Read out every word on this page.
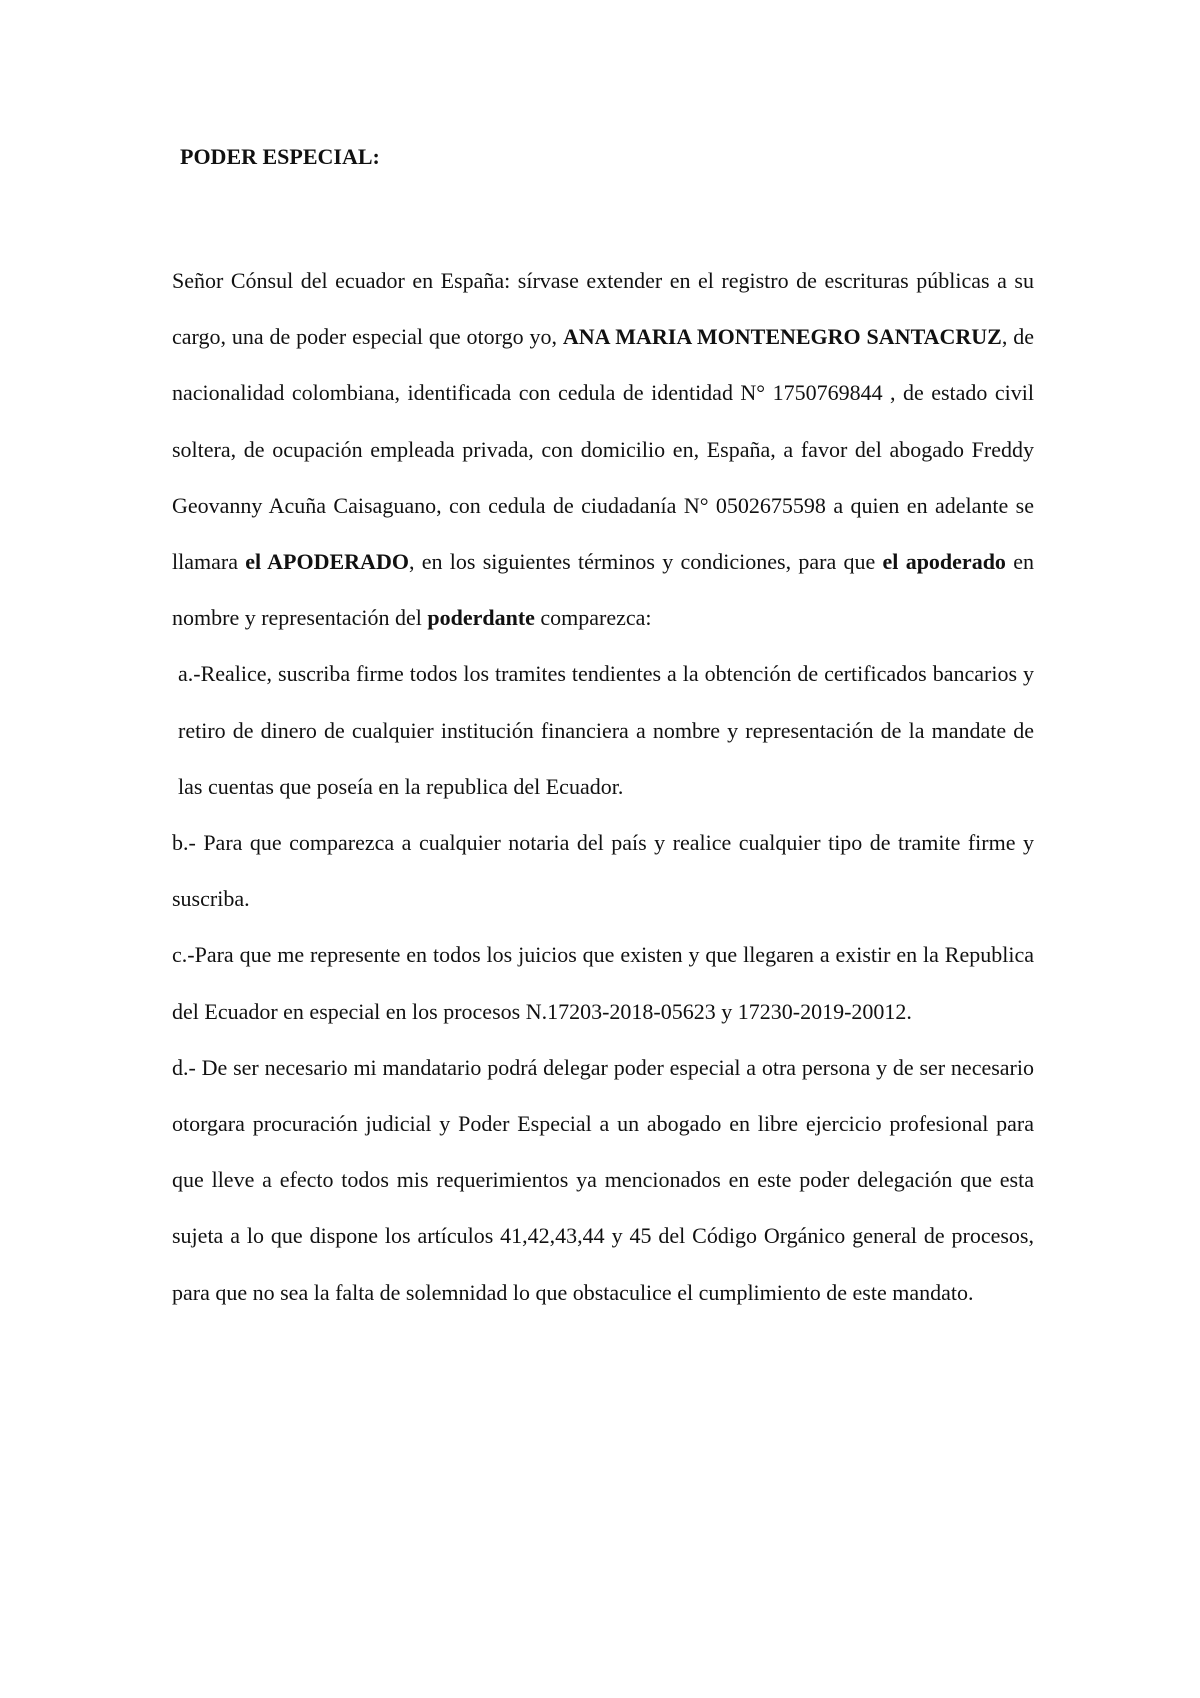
PODER ESPECIAL:

Señor Cónsul del ecuador en España: sírvase extender en el registro de escrituras públicas a su cargo, una de poder especial que otorgo yo, ANA MARIA MONTENEGRO SANTACRUZ, de nacionalidad colombiana, identificada con cedula de identidad N° 1750769844 , de estado civil soltera, de ocupación empleada privada, con domicilio en, España, a favor del abogado Freddy Geovanny Acuña Caisaguano, con cedula de ciudadanía N° 0502675598 a quien en adelante se llamara el APODERADO, en los siguientes términos y condiciones, para que el apoderado en nombre y representación del poderdante comparezca:

a.-Realice, suscriba firme todos los tramites tendientes a la obtención de certificados bancarios y retiro de dinero de cualquier institución financiera a nombre y representación de la mandate de las cuentas que poseía en la republica del Ecuador.

b.- Para que comparezca a cualquier notaria del país y realice cualquier tipo de tramite firme y suscriba.

c.-Para que me represente en todos los juicios que existen y que llegaren a existir en la Republica del Ecuador en especial en los procesos N.17203-2018-05623 y 17230-2019-20012.

d.- De ser necesario mi mandatario podrá delegar poder especial a otra persona y de ser necesario otorgara procuración judicial y Poder Especial a un abogado en libre ejercicio profesional para que lleve a efecto todos mis requerimientos ya mencionados en este poder delegación que esta sujeta a lo que dispone los artículos 41,42,43,44 y 45 del Código Orgánico general de procesos, para que no sea la falta de solemnidad lo que obstaculice el cumplimiento de este mandato.
